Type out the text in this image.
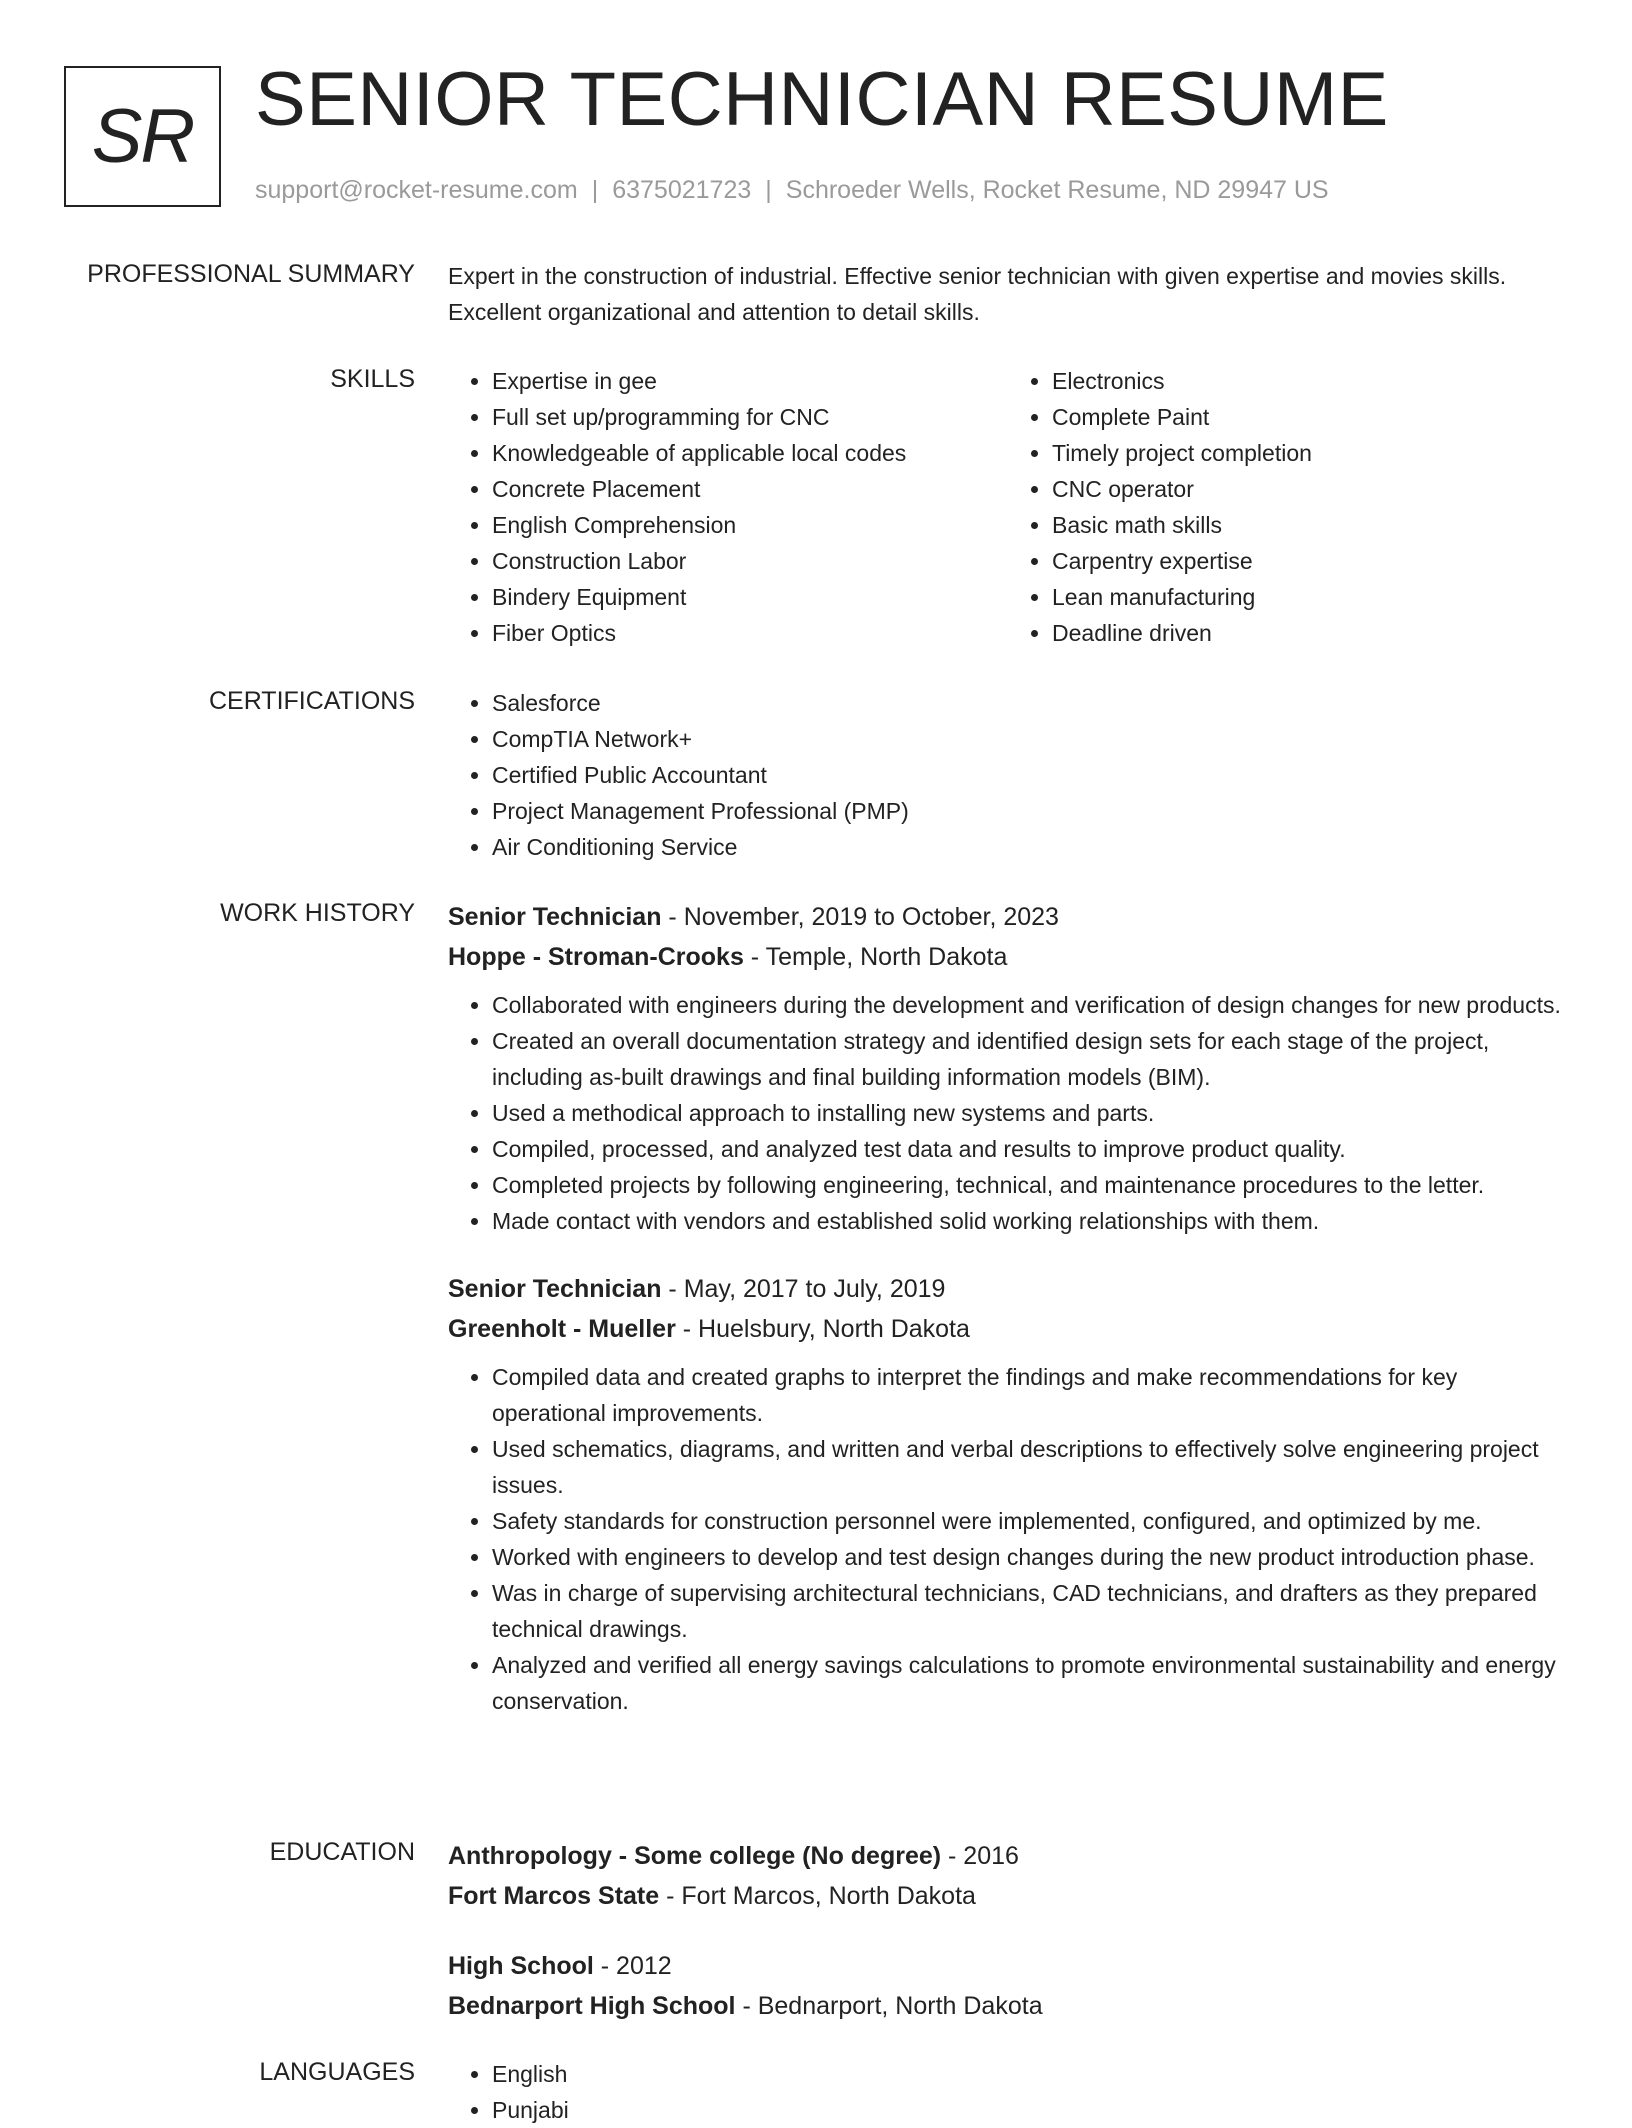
SR SENIOR TECHNICIAN RESUME
support@rocket-resume.com | 6375021723 | Schroeder Wells, Rocket Resume, ND 29947 US
PROFESSIONAL SUMMARY Expert in the construction of industrial. Effective senior technician with given expertise and movies skills. Excellent organizational and attention to detail skills.
SKILLS	• Expertise in gee
• Full set up/programming for CNC
• Knowledgeable of applicable local codes
• Concrete Placement
• English Comprehension
• Construction Labor
• Bindery Equipment
• Fiber Optics
• Electronics
• Complete Paint
• Timely project completion
• CNC operator
• Basic math skills
• Carpentry expertise
• Lean manufacturing
• Deadline driven
CERTIFICATIONS	• Salesforce
• CompTIA Network+
• Certified Public Accountant
• Project Management Professional (PMP)
• Air Conditioning Service
WORK HISTORY Senior Technician - November, 2019 to October, 2023
Hoppe - Stroman-Crooks - Temple, North Dakota
• Collaborated with engineers during the development and verification of design changes for new products.
• Created an overall documentation strategy and identified design sets for each stage of the project, including as-built drawings and final building information models (BIM).
• Used a methodical approach to installing new systems and parts.
• Compiled, processed, and analyzed test data and results to improve product quality.
• Completed projects by following engineering, technical, and maintenance procedures to the letter.
• Made contact with vendors and established solid working relationships with them.
Senior Technician - May, 2017 to July, 2019
Greenholt - Mueller - Huelsbury, North Dakota
• Compiled data and created graphs to interpret the findings and make recommendations for key operational improvements.
• Used schematics, diagrams, and written and verbal descriptions to effectively solve engineering project issues.
• Safety standards for construction personnel were implemented, configured, and optimized by me.
• Worked with engineers to develop and test design changes during the new product introduction phase.
• Was in charge of supervising architectural technicians, CAD technicians, and drafters as they prepared technical drawings.
• Analyzed and verified all energy savings calculations to promote environmental sustainability and energy conservation.
EDUCATION Anthropology - Some college (No degree) - 2016
Fort Marcos State - Fort Marcos, North Dakota
High School - 2012
Bednarport High School - Bednarport, North Dakota
LANGUAGES	• English
• Punjabi
